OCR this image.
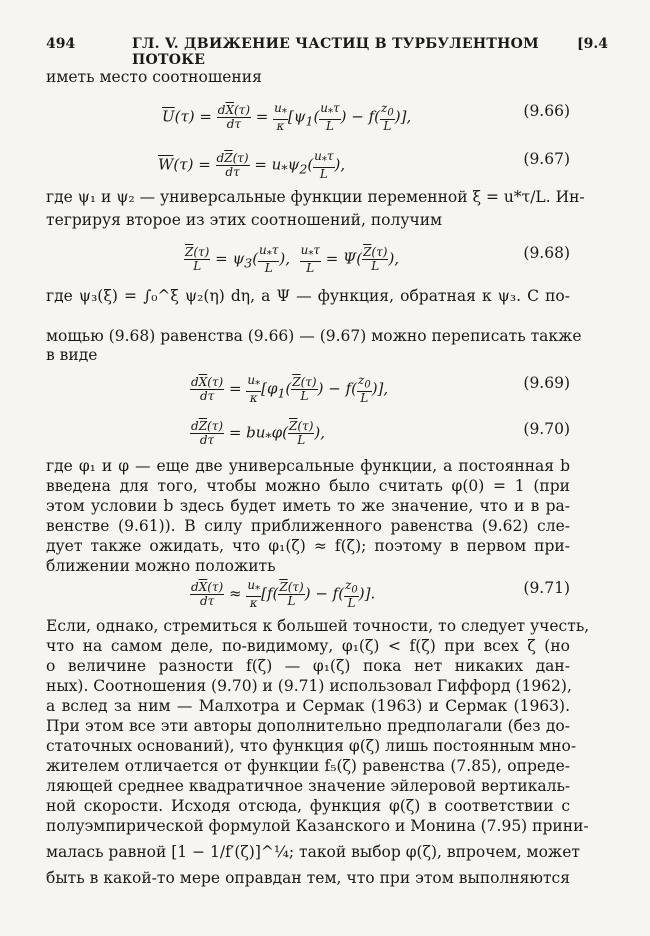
494	ГЛ. V. ДВИЖЕНИЕ ЧАСТИЦ В ТУРБУЛЕНТНОМ ПОТОКЕ
[9.4
иметь место соотношения
$\overline{U}(\tau) = \frac{d\overline{X}(\tau)}{d\tau} = \frac{u_*}{\kappa} [\psi_1( \frac{u_*\tau}{L}$ ) − $f( \frac{z_0}{L}$ )],	(9.66)
$\overline{W}(\tau) = \frac{d\overline{Z}(\tau)}{d\tau} = u_*\psi_2( \frac{u_*\tau}{L}$ ),	(9.67)
где ψ₁ и ψ₂ — универсальные функции переменной ξ = u*τ/L. Ин-
тегрируя второе из этих соотношений, получим
$\frac{\overline{Z}(\tau)}{L} = \psi_3( \frac{u_*\tau}{L}$ ), $\frac{u_*\tau}{L} = \Psi( \frac{\overline{Z}(\tau)}{L}$ ),	(9.68)
где ψ₃(ξ) = ∫₀^ξ ψ₂(η) dη, а Ψ — функция, обратная к ψ₃. С по-
мощью (9.68) равенства (9.66) — (9.67) можно переписать также
в виде
$\frac{d\overline{X}(\tau)}{d\tau} = \frac{u_*}{\kappa} [\varphi_1( \frac{\overline{Z}(\tau)}{L}$ ) − $f( \frac{z_0}{L}$ )],	(9.69)
$\frac{d\overline{Z}(\tau)}{d\tau} = bu_*\varphi( \frac{\overline{Z}(\tau)}{L}$ ),	(9.70)
где φ₁ и φ — еще две универсальные функции, а постоянная b
введена для того, чтобы можно было считать φ(0) = 1 (при
этом условии b здесь будет иметь то же значение, что и в ра-
венстве (9.61)). В силу приближенного равенства (9.62) сле-
дует также ожидать, что φ₁(ζ) ≈ f(ζ); поэтому в первом при-
ближении можно положить
$\frac{d\overline{X}(\tau)}{d\tau} \approx \frac{u_*}{\kappa} [f( \frac{\overline{Z}(\tau)}{L}$ ) − $f( \frac{z_0}{L}$ )].	(9.71)
Если, однако, стремиться к большей точности, то следует учесть,
что на самом деле, по-видимому, φ₁(ζ) < f(ζ) при всех ζ (но
о величине разности f(ζ) — φ₁(ζ) пока нет никаких дан-
ных). Соотношения (9.70) и (9.71) использовал Гиффорд (1962),
а вслед за ним — Малхотра и Сермак (1963) и Сермак (1963).
При этом все эти авторы дополнительно предполагали (без до-
статочных оснований), что функция φ(ζ) лишь постоянным мно-
жителем отличается от функции f₅(ζ) равенства (7.85), опреде-
ляющей среднее квадратичное значение эйлеровой вертикаль-
ной скорости. Исходя отсюда, функция φ(ζ) в соответствии с
полуэмпирической формулой Казанского и Монина (7.95) прини-
малась равной [1 − 1/f′(ζ)]^¼; такой выбор φ(ζ), впрочем, может
быть в какой-то мере оправдан тем, что при этом выполняются
